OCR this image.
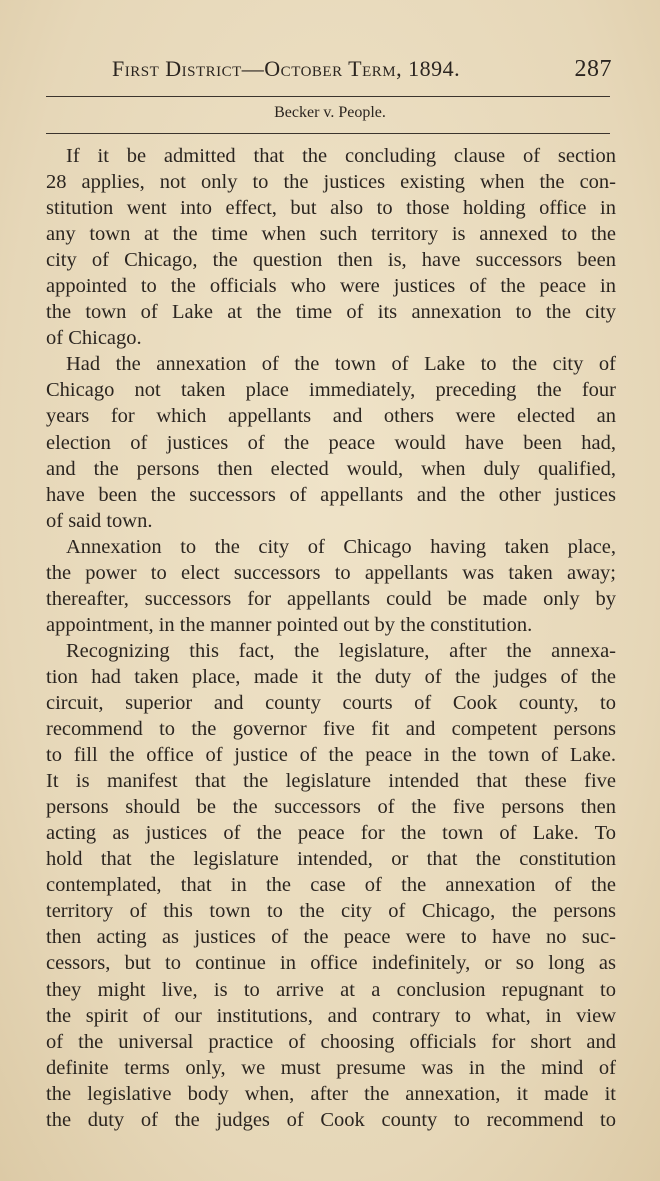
First District—October Term, 1894.	287
Becker v. People.
If it be admitted that the concluding clause of section
28 applies, not only to the justices existing when the con-
stitution went into effect, but also to those holding office in
any town at the time when such territory is annexed to the
city of Chicago, the question then is, have successors been
appointed to the officials who were justices of the peace in
the town of Lake at the time of its annexation to the city
of Chicago.
Had the annexation of the town of Lake to the city of
Chicago not taken place immediately, preceding the four
years for which appellants and others were elected an
election of justices of the peace would have been had,
and the persons then elected would, when duly qualified,
have been the successors of appellants and the other justices
of said town.
Annexation to the city of Chicago having taken place,
the power to elect successors to appellants was taken away;
thereafter, successors for appellants could be made only by
appointment, in the manner pointed out by the constitution.
Recognizing this fact, the legislature, after the annexa-
tion had taken place, made it the duty of the judges of the
circuit, superior and county courts of Cook county, to
recommend to the governor five fit and competent persons
to fill the office of justice of the peace in the town of Lake.
It is manifest that the legislature intended that these five
persons should be the successors of the five persons then
acting as justices of the peace for the town of Lake. To
hold that the legislature intended, or that the constitution
contemplated, that in the case of the annexation of the
territory of this town to the city of Chicago, the persons
then acting as justices of the peace were to have no suc-
cessors, but to continue in office indefinitely, or so long as
they might live, is to arrive at a conclusion repugnant to
the spirit of our institutions, and contrary to what, in view
of the universal practice of choosing officials for short and
definite terms only, we must presume was in the mind of
the legislative body when, after the annexation, it made it
the duty of the judges of Cook county to recommend to
